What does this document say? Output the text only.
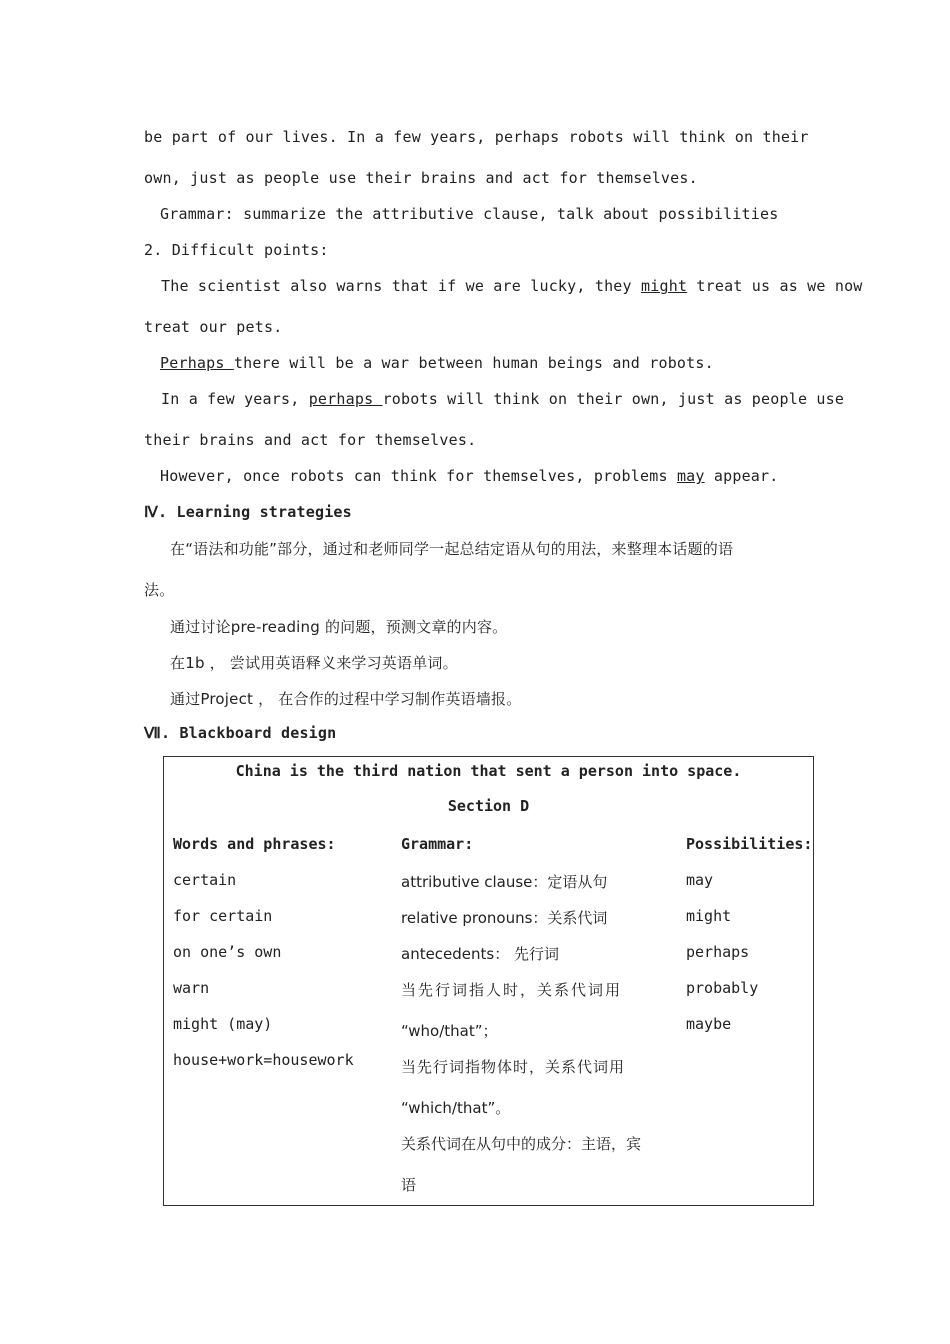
be part of our lives. In a few years, perhaps robots will think on their
own, just as people use their brains and act for themselves.
Grammar: summarize the attributive clause, talk about possibilities
2. Difficult points:
The scientist also warns that if we are lucky, they might treat us as we now
treat our pets.
Perhaps there will be a war between human beings and robots.
In a few years, perhaps robots will think on their own, just as people use
their brains and act for themselves.
However, once robots can think for themselves, problems may appear.
Ⅳ. Learning strategies
在“语法和功能”部分，通过和老师同学一起总结定语从句的用法，来整理本话题的语
法。
通过讨论pre-reading 的问题，预测文章的内容。
在1b ， 尝试用英语释义来学习英语单词。
通过Project ， 在合作的过程中学习制作英语墙报。
Ⅶ. Blackboard design
China is the third nation that sent a person into space.
Section D
Words and phrases:
certain
for certain
on one’s own
warn
might (may)
house+work=housework
Grammar:
attributive clause：定语从句
relative pronouns：关系代词
antecedents： 先行词
当先行词指人时，关系代词用
“who/that”；
当先行词指物体时，关系代词用
“which/that”。
关系代词在从句中的成分：主语，宾
语
Possibilities:
may
might
perhaps
probably
maybe
